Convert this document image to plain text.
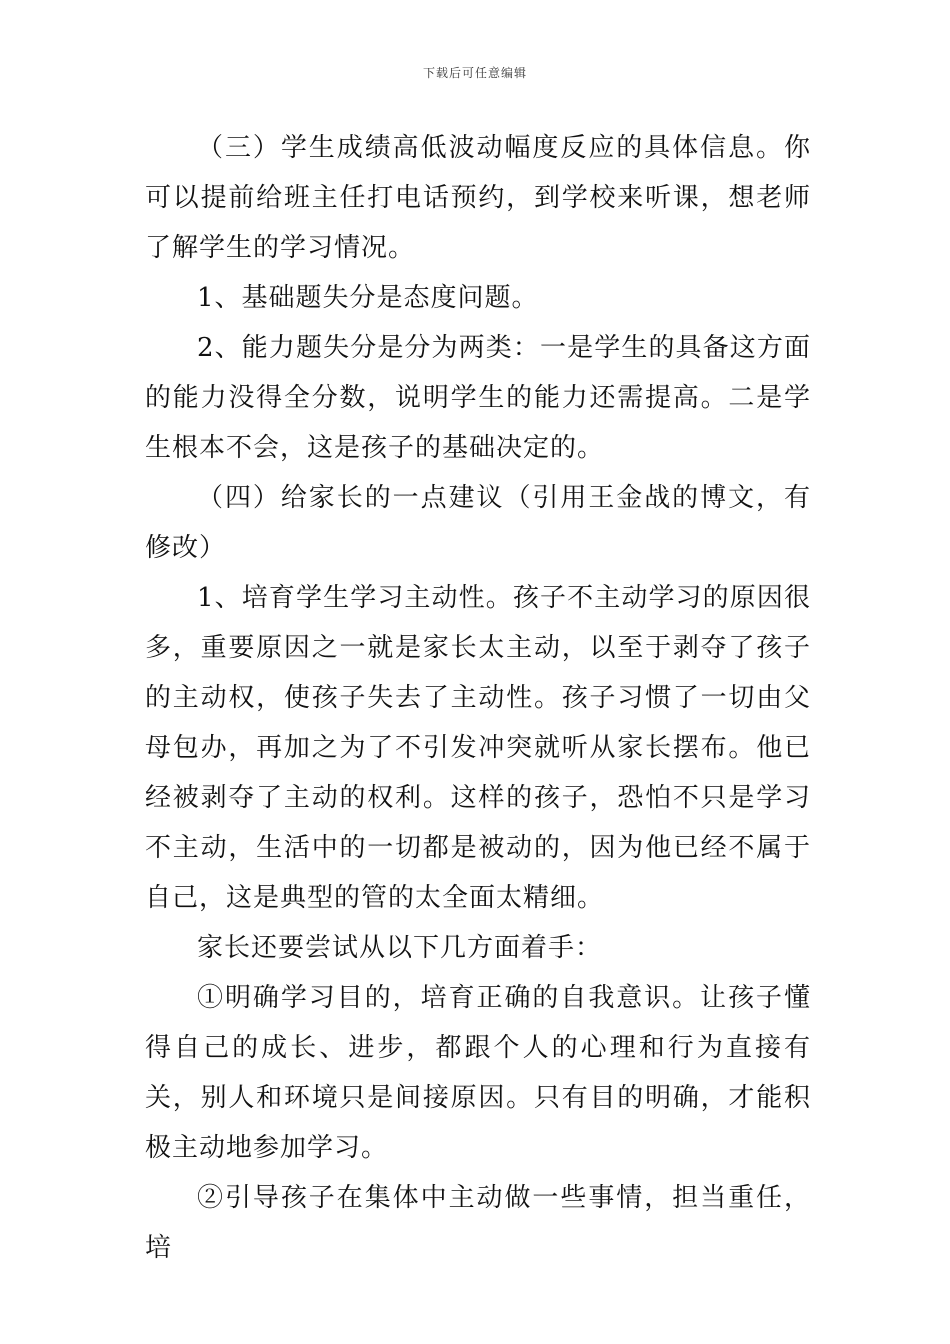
下载后可任意编辑

（三）学生成绩高低波动幅度反应的具体信息。你可以提前给班主任打电话预约，到学校来听课，想老师了解学生的学习情况。

1、基础题失分是态度问题。

2、能力题失分是分为两类：一是学生的具备这方面的能力没得全分数，说明学生的能力还需提高。二是学生根本不会，这是孩子的基础决定的。

（四）给家长的一点建议（引用王金战的博文，有修改）

1、培育学生学习主动性。孩子不主动学习的原因很多，重要原因之一就是家长太主动，以至于剥夺了孩子的主动权，使孩子失去了主动性。孩子习惯了一切由父母包办，再加之为了不引发冲突就听从家长摆布。他已经被剥夺了主动的权利。这样的孩子，恐怕不只是学习不主动，生活中的一切都是被动的，因为他已经不属于自己，这是典型的管的太全面太精细。

家长还要尝试从以下几方面着手：

①明确学习目的，培育正确的自我意识。让孩子懂得自己的成长、进步，都跟个人的心理和行为直接有关，别人和环境只是间接原因。只有目的明确，才能积极主动地参加学习。

②引导孩子在集体中主动做一些事情，担当重任，培
